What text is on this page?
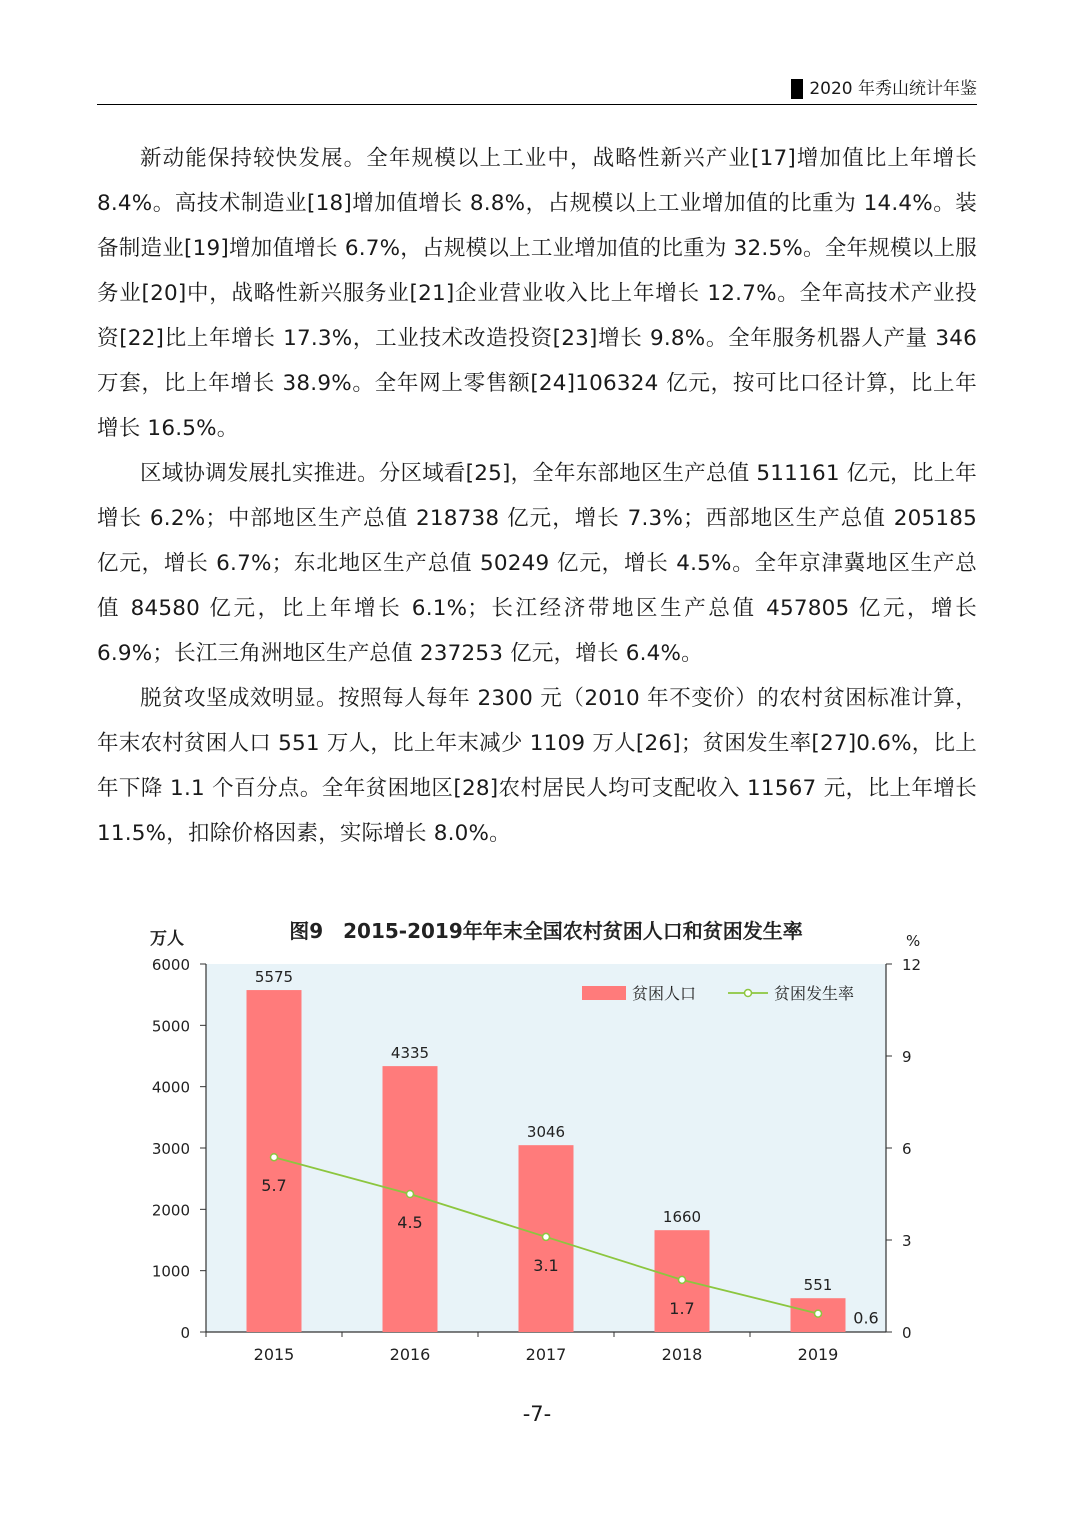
2020 年秀山统计年鉴

新动能保持较快发展。全年规模以上工业中，战略性新兴产业[17]增加值比上年增长 8.4%。高技术制造业[18]增加值增长 8.8%，占规模以上工业增加值的比重为 14.4%。装备制造业[19]增加值增长 6.7%，占规模以上工业增加值的比重为 32.5%。全年规模以上服务业[20]中，战略性新兴服务业[21]企业营业收入比上年增长 12.7%。全年高技术产业投资[22]比上年增长 17.3%，工业技术改造投资[23]增长 9.8%。全年服务机器人产量 346 万套，比上年增长 38.9%。全年网上零售额[24]106324 亿元，按可比口径计算，比上年增长 16.5%。

区域协调发展扎实推进。分区域看[25]，全年东部地区生产总值 511161 亿元，比上年增长 6.2%；中部地区生产总值 218738 亿元，增长 7.3%；西部地区生产总值 205185 亿元，增长 6.7%；东北地区生产总值 50249 亿元，增长 4.5%。全年京津冀地区生产总值 84580 亿元，比上年增长 6.1%；长江经济带地区生产总值 457805 亿元，增长 6.9%；长江三角洲地区生产总值 237253 亿元，增长 6.4%。

脱贫攻坚成效明显。按照每人每年 2300 元（2010 年不变价）的农村贫困标准计算，年末农村贫困人口 551 万人，比上年末减少 1109 万人[26]；贫困发生率[27]0.6%，比上年下降 1.1 个百分点。全年贫困地区[28]农村居民人均可支配收入 11567 元，比上年增长 11.5%，扣除价格因素，实际增长 8.0%。

图9　2015-2019年年末全国农村贫困人口和贫困发生率
万人	%
0
1000
2000
3000
4000
5000
6000
0
3
6
9
12
2015	2016	2017	2018	2019
5575
4335
3046
1660
551
5.7
4.5
3.1
1.7
0.6
贫困人口	贫困发生率
-7-
